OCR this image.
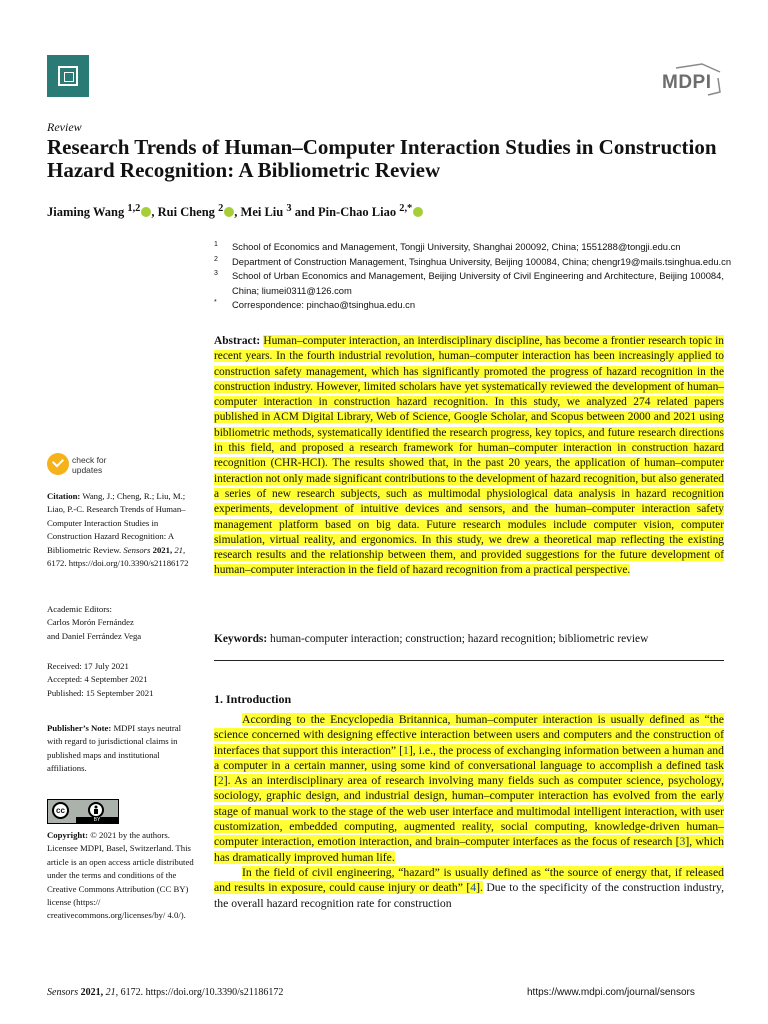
MDPI
Review
Research Trends of Human–Computer Interaction Studies in Construction Hazard Recognition: A Bibliometric Review
Jiaming Wang $^{1,2}$ , Rui Cheng $^2$ , Mei Liu $^3$ and Pin-Chao Liao $^{2,*}$
1 School of Economics and Management, Tongji University, Shanghai 200092, China; 1551288@tongji.edu.cn
2 Department of Construction Management, Tsinghua University, Beijing 100084, China; chengr19@mails.tsinghua.edu.cn
3 School of Urban Economics and Management, Beijing University of Civil Engineering and Architecture, Beijing 100084, China; liumei0311@126.com
* Correspondence: pinchao@tsinghua.edu.cn
Abstract: Human–computer interaction, an interdisciplinary discipline, has become a frontier research topic in recent years. In the fourth industrial revolution, human–computer interaction has been increasingly applied to construction safety management, which has significantly promoted the progress of hazard recognition in the construction industry. However, limited scholars have yet systematically reviewed the development of human–computer interaction in construction hazard recognition. In this study, we analyzed 274 related papers published in ACM Digital Library, Web of Science, Google Scholar, and Scopus between 2000 and 2021 using bibliometric methods, systematically identified the research progress, key topics, and future research directions in this field, and proposed a research framework for human–computer interaction in construction hazard recognition (CHR-HCI). The results showed that, in the past 20 years, the application of human–computer interaction not only made significant contributions to the development of hazard recognition, but also generated a series of new research subjects, such as multimodal physiological data analysis in hazard recognition experiments, development of intuitive devices and sensors, and the human–computer interaction safety management platform based on big data. Future research modules include computer vision, computer simulation, virtual reality, and ergonomics. In this study, we drew a theoretical map reflecting the existing research results and the relationship between them, and provided suggestions for the future development of human–computer interaction in the field of hazard recognition from a practical perspective.
Keywords: human-computer interaction; construction; hazard recognition; bibliometric review
1. Introduction

According to the Encyclopedia Britannica, human–computer interaction is usually defined as “the science concerned with designing effective interaction between users and computers and the construction of interfaces that support this interaction” [1], i.e., the process of exchanging information between a human and a computer in a certain manner, using some kind of conversational language to accomplish a defined task [2]. As an interdisciplinary area of research involving many fields such as computer science, psychology, sociology, graphic design, and industrial design, human–computer interaction has evolved from the early stage of manual work to the stage of the web user interface and multimodal intelligent interaction, with user customization, embedded computing, augmented reality, social computing, knowledge-driven human–computer interaction, emotion interaction, and brain–computer interfaces as the focus of research [3], which has dramatically improved human life.

In the field of civil engineering, “hazard” is usually defined as “the source of energy that, if released and results in exposure, could cause injury or death” [4]. Due to the specificity of the construction industry, the overall hazard recognition rate for construction

check for updates
Citation: Wang, J.; Cheng, R.; Liu, M.; Liao, P.-C. Research Trends of Human–Computer Interaction Studies in Construction Hazard Recognition: A Bibliometric Review. Sensors 2021, 21, 6172. https://doi.org/10.3390/s21186172
Academic Editors:
Carlos Morón Fernández
and Daniel Ferrández Vega
Received: 17 July 2021
Accepted: 4 September 2021
Published: 15 September 2021
Publisher’s Note: MDPI stays neutral with regard to jurisdictional claims in published maps and institutional affiliations.
cc
BY
Copyright: © 2021 by the authors. Licensee MDPI, Basel, Switzerland. This article is an open access article distributed under the terms and conditions of the Creative Commons Attribution (CC BY) license (https:// creativecommons.org/licenses/by/ 4.0/).
Sensors 2021, 21, 6172. https://doi.org/10.3390/s21186172	https://www.mdpi.com/journal/sensors
